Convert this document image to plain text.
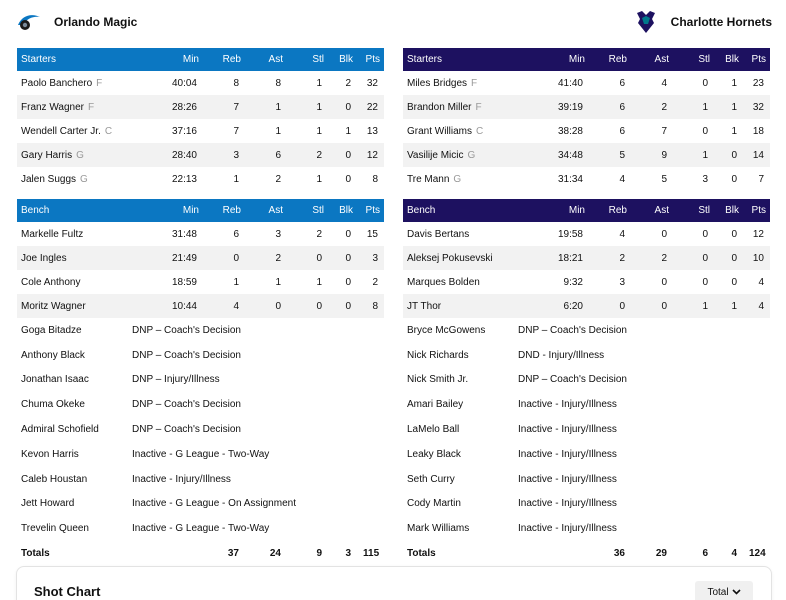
Orlando Magic	Charlotte Hornets
Starters	Min	Reb	Ast	Stl	Blk	Pts
Paolo Banchero F	40:04	8	8	1	2	32
Franz Wagner F	28:26	7	1	1	0	22
Wendell Carter Jr. C	37:16	7	1	1	1	13
Gary Harris G	28:40	3	6	2	0	12
Jalen Suggs G	22:13	1	2	1	0	8
Bench	Min	Reb	Ast	Stl	Blk	Pts
Markelle Fultz	31:48	6	3	2	0	15
Joe Ingles	21:49	0	2	0	0	3
Cole Anthony	18:59	1	1	1	0	2
Moritz Wagner	10:44	4	0	0	0	8
Goga Bitadze	DNP – Coach's Decision
Anthony Black	DNP – Coach's Decision
Jonathan Isaac	DNP – Injury/Illness
Chuma Okeke	DNP – Coach's Decision
Admiral Schofield	DNP – Coach's Decision
Kevon Harris	Inactive - G League - Two-Way
Caleb Houstan	Inactive - Injury/Illness
Jett Howard	Inactive - G League - On Assignment
Trevelin Queen	Inactive - G League - Two-Way
Totals		37	24	9	3	115
Starters	Min	Reb	Ast	Stl	Blk	Pts
Miles Bridges F	41:40	6	4	0	1	23
Brandon Miller F	39:19	6	2	1	1	32
Grant Williams C	38:28	6	7	0	1	18
Vasilije Micic G	34:48	5	9	1	0	14
Tre Mann G	31:34	4	5	3	0	7
Bench	Min	Reb	Ast	Stl	Blk	Pts
Davis Bertans	19:58	4	0	0	0	12
Aleksej Pokusevski	18:21	2	2	0	0	10
Marques Bolden	9:32	3	0	0	0	4
JT Thor	6:20	0	0	1	1	4
Bryce McGowens	DNP – Coach's Decision
Nick Richards	DND - Injury/Illness
Nick Smith Jr.	DNP – Coach's Decision
Amari Bailey	Inactive - Injury/Illness
LaMelo Ball	Inactive - Injury/Illness
Leaky Black	Inactive - Injury/Illness
Seth Curry	Inactive - Injury/Illness
Cody Martin	Inactive - Injury/Illness
Mark Williams	Inactive - Injury/Illness
Totals		36	29	6	4	124
Shot Chart	Total
